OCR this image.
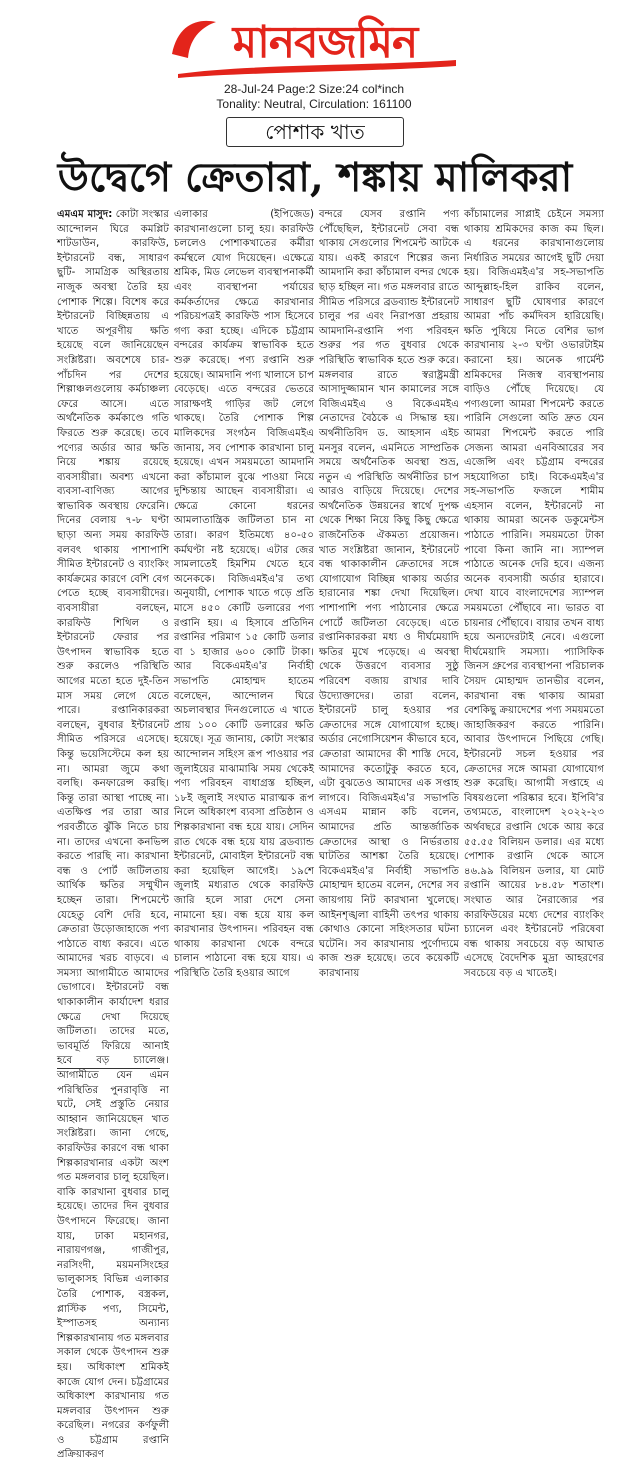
মানবজমিন
28-Jul-24 Page:2 Size:24 col*inch
Tonality: Neutral, Circulation: 161100
পোশাক খাত
উদ্বেগে ক্রেতারা, শঙ্কায় মালিকরা

এমএম মাসুদ: কোটা সংস্কার আন্দোলন ঘিরে কমপ্লিট শাটডাউন, কারফিউ, ইন্টারনেট বন্ধ, সাধারণ ছুটি- সামগ্রিক অস্থিরতায় নাজুক অবস্থা তৈরি হয় পোশাক শিল্পে। বিশেষ করে ইন্টারনেট বিচ্ছিন্নতায় এ খাতে অপূরণীয় ক্ষতি হয়েছে বলে জানিয়েছেন সংশ্লিষ্টরা। অবশেষে চার-পাঁচদিন পর দেশের শিল্পাঞ্চলগুলোয় কর্মচাঞ্চল্য ফেরে আসে। এতে অর্থনৈতিক কর্মকাণ্ডে গতি ফিরতে শুরু করেছে। তবে পণ্যের অর্ডার আর ক্ষতি নিয়ে শঙ্কায় রয়েছে ব্যবসায়ীরা। অবশ্য এখনো ব্যবসা-বাণিজ্য আগের স্বাভাবিক অবস্থায় ফেরেনি। দিনের বেলায় ৭-৮ ঘণ্টা ছাড়া অন্য সময় কারফিউ বলবৎ থাকায় পাশাপাশি সীমিত ইন্টারনেট ও ব্যাংকিং কার্যক্রমের কারণে বেশি বেগ পেতে হচ্ছে ব্যবসায়ীদের। ব্যবসায়ীরা বলছেন, কারফিউ শিথিল ও ইন্টারনেট ফেরার পর উৎপাদন স্বাভাবিক হতে শুরু করলেও পরিস্থিতি আগের মতো হতে দুই-তিন মাস সময় লেগে যেতে পারে। রপ্তানিকারকরা বলছেন, বুধবার ইন্টারনেট সীমিত পরিসরে এসেছে। কিন্তু ভয়েসিস্টেমে কল হয় না। আমরা জুমে কথা বলছি। কনফারেন্স করছি। কিন্তু তারা আস্থা পাচ্ছে না। এতক্ষিপ্ত পর তারা আর পরবর্তীতে ঝুঁকি নিতে চায় না। তাদের এখনো কনভিন্স করতে পারছি না। কারখানা বন্ধ ও পোর্ট জটিলতায় আর্থিক ক্ষতির সম্মুখীন হচ্ছেন তারা। শিপমেন্টে যেহেতু বেশি দেরি হবে, ক্রেতারা উড়োজাহাজে পণ্য পাঠাতে বাধ্য করবে। এতে আমাদের খরচ বাড়বে। এ সমস্যা আগামীতে আমাদের ভোগাবে। ইন্টারনেট বন্ধ থাকাকালীন কার্যাদেশ ধরার ক্ষেত্রে দেখা দিয়েছে জটিলতা। তাদের মতে, ভাবমূর্তি ফিরিয়ে আনাই হবে বড় চ্যালেঞ্জ। আগামীতে যেন এমন পরিস্থিতির পুনরাবৃত্তি না ঘটে, সেই প্রস্তুতি নেয়ার আহ্বান জানিয়েছেন খাত সংশ্লিষ্টরা। জানা গেছে, কারফিউর কারণে বন্ধ থাকা শিল্পকারখানার একটা অংশ গত মঙ্গলবার চালু হয়েছিল। বাকি কারখানা বুধবার চালু হয়েছে। তাদের দিন বুধবার উৎপাদনে ফিরেছে। জানা যায়, ঢাকা মহানগর, নারায়ণগঞ্জ, গাজীপুর, নরসিংদী, ময়মনসিংহের ভালুকাসহ বিভিন্ন এলাকার তৈরি পোশাক, বস্ত্রকল, প্লাস্টিক পণ্য, সিমেন্ট, ইস্পাতসহ অন্যান্য শিল্পকারখানায় গত মঙ্গলবার সকাল থেকে উৎপাদন শুরু হয়। অধিকাংশ শ্রমিকই কাজে যোগ দেন। চট্টগ্রামের অধিকাংশ কারখানায় গত মঙ্গলবার উৎপাদন শুরু করেছিল। নগরের কর্ণফুলী ও চট্টগ্রাম রপ্তানি প্রক্রিয়াকরণ

এলাকার (ইপিজেড) কারখানাগুলো চালু হয়। কারফিউ চললেও পোশাকখাতের কর্মীরা কর্মস্থলে যোগ দিয়েছেন। এক্ষেত্রে শ্রমিক, মিড লেভেল ব্যবস্থাপনাকর্মী এবং ব্যবস্থাপনা পর্যায়ের কর্মকর্তাদের ক্ষেত্রে কারখানার পরিচয়পত্রই কারফিউ পাস হিসেবে গণ্য করা হচ্ছে। এদিকে চট্টগ্রাম বন্দরের কার্যক্রম স্বাভাবিক হতে শুরু করেছে। পণ্য রপ্তানি শুরু হয়েছে। আমদানি পণ্য খালাসে চাপ বেড়েছে। এতে বন্দরের ভেতরে সারাক্ষণই গাড়ির জট লেগে থাকছে। তৈরি পোশাক শিল্প মালিকদের সংগঠন বিজিএমইএ জানায়, সব পোশাক কারখানা চালু হয়েছে। এখন সময়মতো আমদানি করা কাঁচামাল বুঝে পাওয়া নিয়ে দুশ্চিন্তায় আছেন ব্যবসায়ীরা। এ ক্ষেত্রে কোনো ধরনের আমলাতান্ত্রিক জটিলতা চান না তারা। কারণ ইতিমধ্যে ৪০-৫০ কর্মঘণ্টা নষ্ট হয়েছে। এটার জের সামলাতেই হিমশিম খেতে হবে অনেককে। বিজিএমইএ'র তথ্য অনুযায়ী, পোশাক খাতে গড়ে প্রতি মাসে ৪৫০ কোটি ডলারের পণ্য রপ্তানি হয়। এ হিসাবে প্রতিদিন রপ্তানির পরিমাণ ১৫ কোটি ডলার বা ১ হাজার ৬০০ কোটি টাকা। আর বিকেএমইএ'র নির্বাহী সভাপতি মোহাম্মদ হাতেম বলেছেন, আন্দোলন ঘিরে অচলাবস্থার দিনগুলোতে এ খাতে প্রায় ১০০ কোটি ডলারের ক্ষতি হয়েছে। সূত্র জানায়, কোটা সংস্কার আন্দোলন সহিংস রূপ পাওয়ার পর জুলাইয়ের মাঝামাঝি সময় থেকেই পণ্য পরিবহন বাধাগ্রস্ত হচ্ছিল, ১৮ই জুলাই সংঘাত মারাত্মক রূপ নিলে অধিকাংশ ব্যবসা প্রতিষ্ঠান ও শিল্পকারখানা বন্ধ হয়ে যায়। সেদিন রাত থেকে বন্ধ হয়ে যায় ব্রডব্যান্ড ইন্টারনেট, মোবাইল ইন্টারনেট বন্ধ করা হয়েছিল আগেই। ১৯শে জুলাই মধ্যরাত থেকে কারফিউ জারি হলে সারা দেশে সেনা নামানো হয়। বন্ধ হয়ে যায় কল কারখানার উৎপাদন। পরিবহন বন্ধ থাকায় কারখানা থেকে বন্দরে চালান পাঠানো বন্ধ হয়ে যায়। এ পরিস্থিতি তৈরি হওয়ার আগে

বন্দরে যেসব রপ্তানি পণ্য পৌঁছেছিল, ইন্টারনেট সেবা বন্ধ থাকায় সেগুলোর শিপমেন্ট আটকে যায়। একই কারণে শিল্পের জন্য আমদানি করা কাঁচামাল বন্দর থেকে ছাড় হচ্ছিল না। গত মঙ্গলবার রাতে সীমিত পরিসরে ব্রডব্যান্ড ইন্টারনেট চালুর পর এবং নিরাপত্তা প্রহরায় আমদানি-রপ্তানি পণ্য পরিবহন শুরুর পর গত বুধবার থেকে পরিস্থিতি স্বাভাবিক হতে শুরু করে। মঙ্গলবার রাতে স্বরাষ্ট্রমন্ত্রী আসাদুজ্জামান খান কামালের সঙ্গে বিজিএমইএ ও বিকেএমইএ নেতাদের বৈঠকে এ সিদ্ধান্ত হয়। অর্থনীতিবিদ ড. আহসান এইচ মনসুর বলেন, এমনিতে সাম্প্রতিক সময়ে অর্থনৈতিক অবস্থা শুভ্র, নতুন এ পরিস্থিতি অর্থনীতির চাপ আরও বাড়িয়ে দিয়েছে। দেশের অর্থনৈতিক উন্নয়নের স্বার্থে দুপক্ষ থেকে শিক্ষা নিয়ে কিছু কিছু ক্ষেত্রে রাজনৈতিক ঐকমত্য প্রয়োজন। খাত সংশ্লিষ্টরা জানান, ইন্টারনেট বন্ধ থাকাকালীন ক্রেতাদের সঙ্গে যোগাযোগ বিচ্ছিন্ন থাকায় অর্ডার হারানোর শঙ্কা দেখা দিয়েছিল। পাশাপাশি পণ্য পাঠানোর ক্ষেত্রে পোর্টে জটিলতা বেড়েছে। এতে রপ্তানিকারকরা মধ্য ও দীর্ঘমেয়াদি ক্ষতির মুখে পড়েছে। এ অবস্থা থেকে উত্তরণে ব্যবসার সুষ্ঠু পরিবেশ বজায় রাখার দাবি উদ্যোক্তাদের। তারা বলেন, ইন্টারনেট চালু হওয়ার পর ক্রেতাদের সঙ্গে যোগাযোগ হচ্ছে। অর্ডার নেগোসিয়েশন কীভাবে হবে, ক্রেতারা আমাদের কী শাস্তি দেবে, আমাদের কতোটুকু করতে হবে, এটা বুঝতেও আমাদের এক সপ্তাহ লাগবে। বিজিএমইএ'র সভাপতি এসএম মান্নান কচি বলেন, আমাদের প্রতি আন্তর্জাতিক ক্রেতাদের আস্থা ও নির্ভরতায় ঘাটতির আশঙ্কা তৈরি হয়েছে। বিকেএমইএ'র নির্বাহী সভাপতি মোহাম্মদ হাতেম বলেন, দেশের সব জায়গায় নিট কারখানা খুলেছে। আইনশৃঙ্খলা বাহিনী তৎপর থাকায় কোথাও কোনো সহিংসতার ঘটনা ঘটেনি। সব কারখানায় পুর্ণোদ্যমে কাজ শুরু হয়েছে। তবে কয়েকটি কারখানায়

কাঁচামালের সাপ্লাই চেইনে সমস্যা থাকায় শ্রমিকদের কাজ কম ছিল। এ ধরনের কারখানাগুলোয় নির্ধারিত সময়ের আগেই ছুটি দেয়া হয়। বিজিএমইএ'র সহ-সভাপতি আব্দুল্লাহ-হিল রাকিব বলেন, সাধারণ ছুটি ঘোষণার কারণে আমরা পাঁচ কর্মদিবস হারিয়েছি। ক্ষতি পুষিয়ে নিতে বেশির ভাগ কারখানায় ২-৩ ঘণ্টা ওভারটাইম করানো হয়। অনেক গার্মেন্ট শ্রমিকদের নিজস্ব ব্যবস্থাপনায় বাড়িও পৌঁছে দিয়েছে। যে পণ্যগুলো আমরা শিপমেন্ট করতে পারিনি সেগুলো অতি দ্রুত যেন আমরা শিপমেন্ট করতে পারি সেজন্য আমরা এনবিআরের সব এজেন্সি এবং চট্টগ্রাম বন্দরের সহযোগিতা চাই। বিকেএমইএ'র সহ-সভাপতি ফজলে শামীম এহসান বলেন, ইন্টারনেট না থাকায় আমরা অনেক ডকুমেন্টস পাঠাতে পারিনি। সময়মতো টাকা পাবো কিনা জানি না। স্যাম্পল পাঠাতে অনেক দেরি হবে। এজন্য অনেক ব্যবসায়ী অর্ডার হারাবে। দেখা যাবে বাংলাদেশের স্যাম্পল সময়মতো পৌঁছাবে না। ভারত বা চায়নার পৌঁছাবে। বায়ার তখন বাধ্য হয়ে অন্যদেরটাই নেবে। এগুলো দীর্ঘমেয়াদি সমস্যা। প্যাসিফিক জিনস গ্রুপের ব্যবস্থাপনা পরিচালক সৈয়দ মোহাম্মদ তানভীর বলেন, কারখানা বন্ধ থাকায় আমরা বেশকিছু ক্রয়াদেশের পণ্য সময়মতো জাহাজিকরণ করতে পারিনি। আবার উৎপাদনে পিছিয়ে গেছি। ইন্টারনেট সচল হওয়ার পর ক্রেতাদের সঙ্গে আমরা যোগাযোগ শুরু করেছি। আগামী সপ্তাহে এ বিষয়গুলো পরিষ্কার হবে। ইপিবি'র তথ্যমতে, বাংলাদেশ ২০২২-২৩ অর্থবছরে রপ্তানি থেকে আয় করে ৫৫.৫৫ বিলিয়ন ডলার। এর মধ্যে পোশাক রপ্তানি থেকে আসে ৪৬.৯৯ বিলিয়ন ডলার, যা মোট রপ্তানি আয়ের ৮৪.৫৮ শতাংশ। সংঘাত আর নৈরাজ্যের পর কারফিউয়ের মধ্যে দেশের ব্যাংকিং চ্যানেল এবং ইন্টারনেট পরিষেবা বন্ধ থাকায় সবচেয়ে বড় আঘাত এসেছে বৈদেশিক মুদ্রা আহরণের সবচেয়ে বড় এ খাতেই।
